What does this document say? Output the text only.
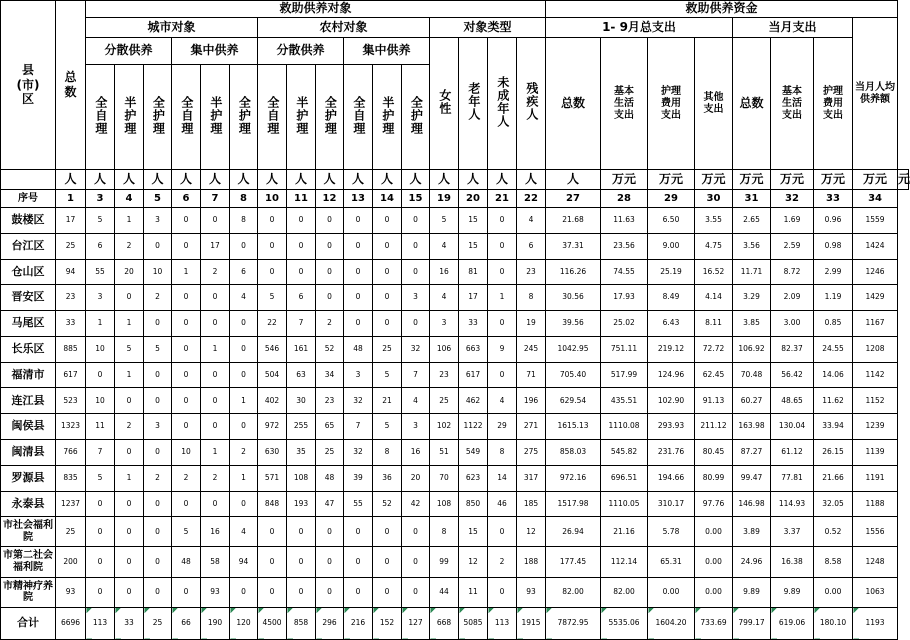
县(市)区	总数	救助供养对象																救助供养资金								
		城市对象						农村对象						对象类型				1- 9月总支出				当月支出			当月人均供养额	
		分散供养			集中供养			分散供养			集中供养			女性	老年人	未成年人	残疾人	总数	基本生活支出	护理费用支出	其他支出	总数	基本生活支出	护理费用支出		
		全自理	半护理	全护理	全自理	半护理	全护理	全自理	半护理	全护理	全自理	半护理	全护理													
	人	人	人	人	人	人	人	人	人	人	人	人	人	人	人	人	人	人	万元	万元	万元	万元	万元	万元	万元	元
序号	1	3	4	5	6	7	8	10	11	12	13	14	15	19	20	21	22	27	28	29	30	31	32	33	34	
鼓楼区	17	5	1	3	0	0	8	0	0	0	0	0	0	5	15	0	4	21.68	11.63	6.50	3.55	2.65	1.69	0.96	1559	
台江区	25	6	2	0	0	17	0	0	0	0	0	0	0	4	15	0	6	37.31	23.56	9.00	4.75	3.56	2.59	0.98	1424	
仓山区	94	55	20	10	1	2	6	0	0	0	0	0	0	16	81	0	23	116.26	74.55	25.19	16.52	11.71	8.72	2.99	1246	
晋安区	23	3	0	2	0	0	4	5	6	0	0	0	3	4	17	1	8	30.56	17.93	8.49	4.14	3.29	2.09	1.19	1429	
马尾区	33	1	1	0	0	0	0	22	7	2	0	0	0	3	33	0	19	39.56	25.02	6.43	8.11	3.85	3.00	0.85	1167	
长乐区	885	10	5	5	0	1	0	546	161	52	48	25	32	106	663	9	245	1042.95	751.11	219.12	72.72	106.92	82.37	24.55	1208	
福清市	617	0	1	0	0	0	0	504	63	34	3	5	7	23	617	0	71	705.40	517.99	124.96	62.45	70.48	56.42	14.06	1142	
连江县	523	10	0	0	0	0	1	402	30	23	32	21	4	25	462	4	196	629.54	435.51	102.90	91.13	60.27	48.65	11.62	1152	
闽侯县	1323	11	2	3	0	0	0	972	255	65	7	5	3	102	1122	29	271	1615.13	1110.08	293.93	211.12	163.98	130.04	33.94	1239	
闽清县	766	7	0	0	10	1	2	630	35	25	32	8	16	51	549	8	275	858.03	545.82	231.76	80.45	87.27	61.12	26.15	1139	
罗源县	835	5	1	2	2	2	1	571	108	48	39	36	20	70	623	14	317	972.16	696.51	194.66	80.99	99.47	77.81	21.66	1191	
永泰县	1237	0	0	0	0	0	0	848	193	47	55	52	42	108	850	46	185	1517.98	1110.05	310.17	97.76	146.98	114.93	32.05	1188	
市社会福利院	25	0	0	0	5	16	4	0	0	0	0	0	0	8	15	0	12	26.94	21.16	5.78	0.00	3.89	3.37	0.52	1556	
市第二社会福利院	200	0	0	0	48	58	94	0	0	0	0	0	0	99	12	2	188	177.45	112.14	65.31	0.00	24.96	16.38	8.58	1248	
市精神疗养院	93	0	0	0	0	93	0	0	0	0	0	0	0	44	11	0	93	82.00	82.00	0.00	0.00	9.89	9.89	0.00	1063	
合计	6696	113	33	25	66	190	120	4500	858	296	216	152	127	668	5085	113	1915	7872.95	5535.06	1604.20	733.69	799.17	619.06	180.10	1193	
